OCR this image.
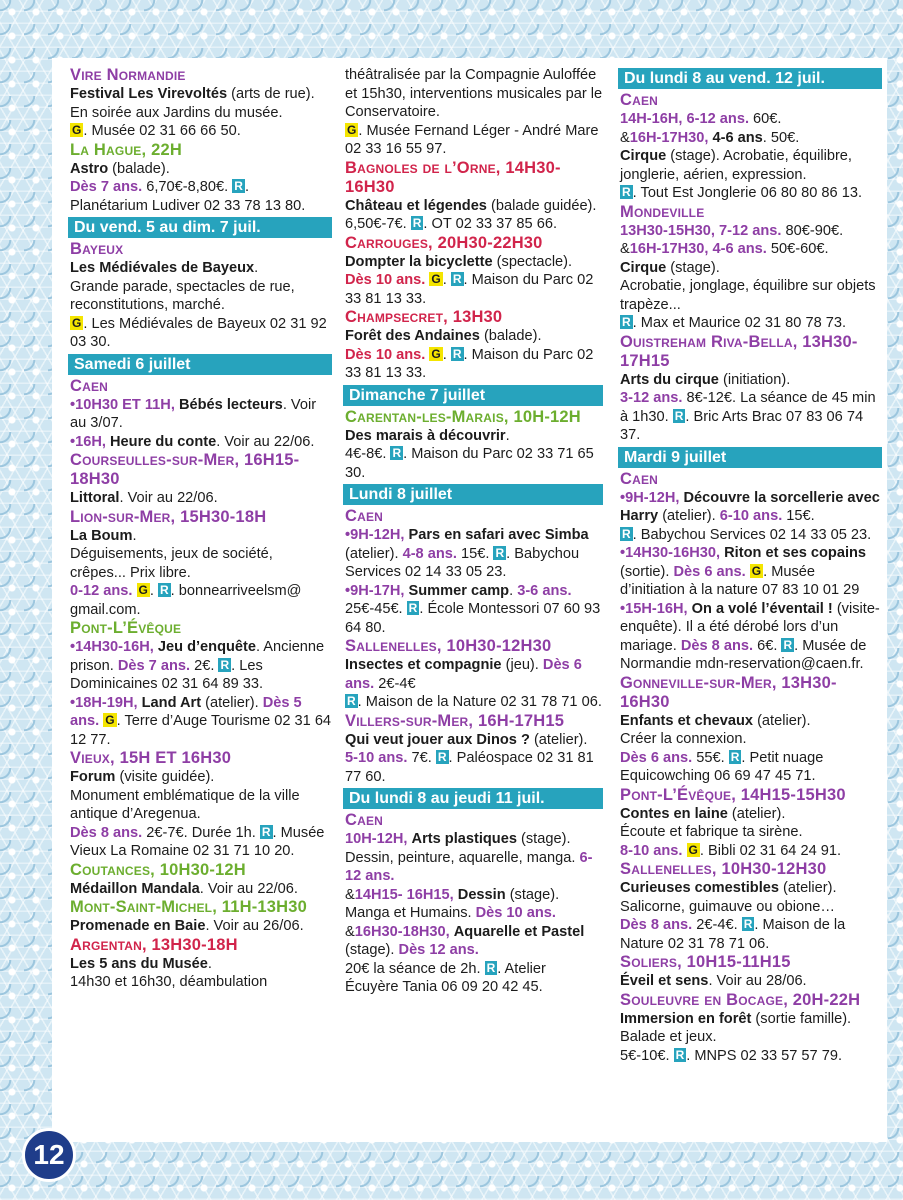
Vire Normandie

Festival Les Virevoltés (arts de rue).

En soirée aux Jardins du musée.

G . Musée 02 31 66 66 50.

La Hague, 22H

Astro (balade).

Dès 7 ans. 6,70€-8,80€. R .

Planétarium Ludiver 02 33 78 13 80.

Du vend. 5 au dim. 7 juil.
Bayeux

Les Médiévales de Bayeux.

Grande parade, spectacles de rue, reconstitutions, marché.

G . Les Médiévales de Bayeux 02 31 92 03 30.

Samedi 6 juillet
Caen

•10H30 ET 11H, Bébés lecteurs. Voir au 3/07.

•16H, Heure du conte. Voir au 22/06.

Courseulles-sur-Mer, 16H15-18H30

Littoral. Voir au 22/06.

Lion-sur-Mer, 15H30-18H

La Boum.

Déguisements, jeux de société, crêpes... Prix libre.

0-12 ans. G . R . bonnearriveelsm@ gmail.com.

Pont-L’Évêque

•14H30-16H, Jeu d’enquête. Ancienne prison. Dès 7 ans. 2€. R . Les Dominicaines 02 31 64 89 33.

•18H-19H, Land Art (atelier). Dès 5 ans. G . Terre d’Auge Tourisme 02 31 64 12 77.

Vieux, 15H ET 16H30

Forum (visite guidée).

Monument emblématique de la ville antique d’Aregenua.

Dès 8 ans. 2€-7€. Durée 1h. R . Musée Vieux La Romaine 02 31 71 10 20.

Coutances, 10H30-12H

Médaillon Mandala. Voir au 22/06.

Mont-Saint-Michel, 11H-13H30

Promenade en Baie. Voir au 26/06.

Argentan, 13H30-18H

Les 5 ans du Musée.

14h30 et 16h30, déambulation

théâtralisée par la Compagnie Auloffée et 15h30, interventions musicales par le Conservatoire.

G . Musée Fernand Léger - André Mare 02 33 16 55 97.

Bagnoles de l’Orne, 14H30-16H30

Château et légendes (balade guidée).

6,50€-7€. R . OT 02 33 37 85 66.

Carrouges, 20H30-22H30

Dompter la bicyclette (spectacle).

Dès 10 ans. G . R . Maison du Parc 02 33 81 13 33.

Champsecret, 13H30

Forêt des Andaines (balade).

Dès 10 ans. G . R . Maison du Parc 02 33 81 13 33.

Dimanche 7 juillet
Carentan-les-Marais, 10H-12H

Des marais à découvrir.

4€-8€. R . Maison du Parc 02 33 71 65 30.

Lundi 8 juillet
Caen

•9H-12H, Pars en safari avec Simba (atelier). 4-8 ans. 15€. R . Babychou Services 02 14 33 05 23.

•9H-17H, Summer camp. 3-6 ans. 25€-45€. R . École Montessori 07 60 93 64 80.

Sallenelles, 10H30-12H30

Insectes et compagnie (jeu). Dès 6 ans. 2€-4€

R . Maison de la Nature 02 31 78 71 06.

Villers-sur-Mer, 16H-17H15

Qui veut jouer aux Dinos ? (atelier).

5-10 ans. 7€. R . Paléospace 02 31 81 77 60.

Du lundi 8 au jeudi 11 juil.
Caen

10H-12H, Arts plastiques (stage). Dessin, peinture, aquarelle, manga. 6-12 ans.

&14H15- 16H15, Dessin (stage). Manga et Humains. Dès 10 ans.

&16H30-18H30, Aquarelle et Pastel (stage). Dès 12 ans.

20€ la séance de 2h. R . Atelier Écuyère Tania 06 09 20 42 45.

Du lundi 8 au vend. 12 juil.
Caen

14H-16H, 6-12 ans. 60€.

&16H-17H30, 4-6 ans. 50€.

Cirque (stage). Acrobatie, équilibre, jonglerie, aérien, expression.

R . Tout Est Jonglerie 06 80 80 86 13.

Mondeville

13H30-15H30, 7-12 ans. 80€-90€.

&16H-17H30, 4-6 ans. 50€-60€.

Cirque (stage).

Acrobatie, jonglage, équilibre sur objets trapèze...

R . Max et Maurice 02 31 80 78 73.

Ouistreham Riva-Bella, 13H30-17H15

Arts du cirque (initiation).

3-12 ans. 8€-12€. La séance de 45 min à 1h30. R . Bric Arts Brac 07 83 06 74 37.

Mardi 9 juillet
Caen

•9H-12H, Découvre la sorcellerie avec Harry (atelier). 6-10 ans. 15€.

R . Babychou Services 02 14 33 05 23.

•14H30-16H30, Riton et ses copains (sortie). Dès 6 ans. G . Musée d’initiation à la nature 07 83 10 01 29

•15H-16H, On a volé l’éventail ! (visite-enquête). Il a été dérobé lors d’un mariage. Dès 8 ans. 6€. R . Musée de Normandie mdn-reservation@caen.fr.

Gonneville-sur-Mer, 13H30-16H30

Enfants et chevaux (atelier).

Créer la connexion.

Dès 6 ans. 55€. R . Petit nuage Equicowching 06 69 47 45 71.

Pont-L’Évêque, 14H15-15H30

Contes en laine (atelier).

Écoute et fabrique ta sirène.

8-10 ans. G . Bibli 02 31 64 24 91.

Sallenelles, 10H30-12H30

Curieuses comestibles (atelier).

Salicorne, guimauve ou obione…

Dès 8 ans. 2€-4€. R . Maison de la Nature 02 31 78 71 06.

Soliers, 10H15-11H15

Éveil et sens. Voir au 28/06.

Souleuvre en Bocage, 20H-22H

Immersion en forêt (sortie famille).

Balade et jeux.

5€-10€. R . MNPS 02 33 57 57 79.

12
